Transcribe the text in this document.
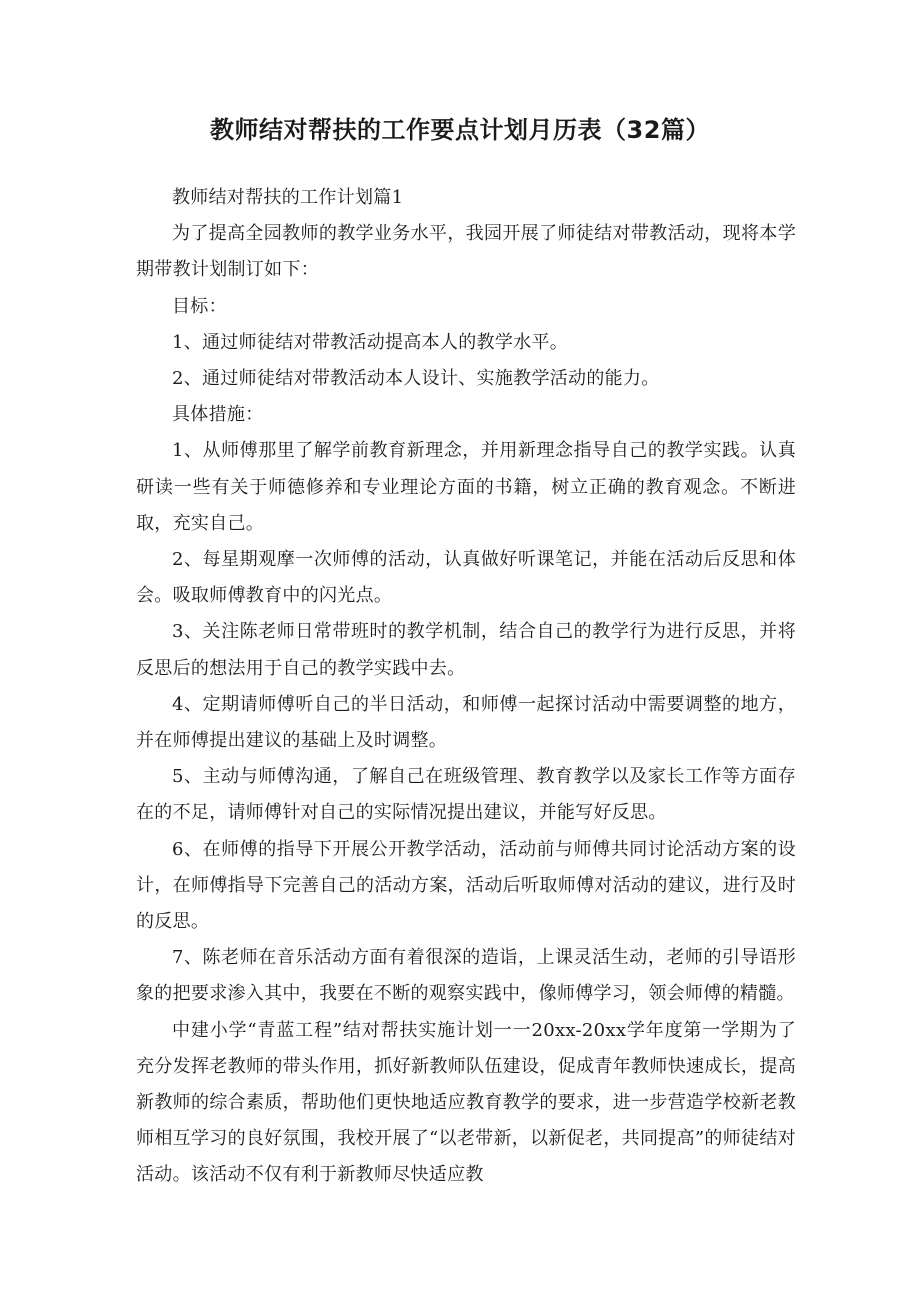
教师结对帮扶的工作要点计划月历表（32篇）

教师结对帮扶的工作计划篇1

为了提高全园教师的教学业务水平，我园开展了师徒结对带教活动，现将本学期带教计划制订如下：

目标：

1、通过师徒结对带教活动提高本人的教学水平。

2、通过师徒结对带教活动本人设计、实施教学活动的能力。

具体措施：

1、从师傅那里了解学前教育新理念，并用新理念指导自己的教学实践。认真研读一些有关于师德修养和专业理论方面的书籍，树立正确的教育观念。不断进取，充实自己。

2、每星期观摩一次师傅的活动，认真做好听课笔记，并能在活动后反思和体会。吸取师傅教育中的闪光点。

3、关注陈老师日常带班时的教学机制，结合自己的教学行为进行反思，并将反思后的想法用于自己的教学实践中去。

4、定期请师傅听自己的半日活动，和师傅一起探讨活动中需要调整的地方，并在师傅提出建议的基础上及时调整。

5、主动与师傅沟通，了解自己在班级管理、教育教学以及家长工作等方面存在的不足，请师傅针对自己的实际情况提出建议，并能写好反思。

6、在师傅的指导下开展公开教学活动，活动前与师傅共同讨论活动方案的设计，在师傅指导下完善自己的活动方案，活动后听取师傅对活动的建议，进行及时的反思。

7、陈老师在音乐活动方面有着很深的造诣，上课灵活生动，老师的引导语形象的把要求渗入其中，我要在不断的观察实践中，像师傅学习，领会师傅的精髓。

中建小学“青蓝工程”结对帮扶实施计划一一20xx-20xx学年度第一学期为了充分发挥老教师的带头作用，抓好新教师队伍建设，促成青年教师快速成长，提高新教师的综合素质，帮助他们更快地适应教育教学的要求，进一步营造学校新老教师相互学习的良好氛围，我校开展了“以老带新，以新促老，共同提高”的师徒结对活动。该活动不仅有利于新教师尽快适应教
